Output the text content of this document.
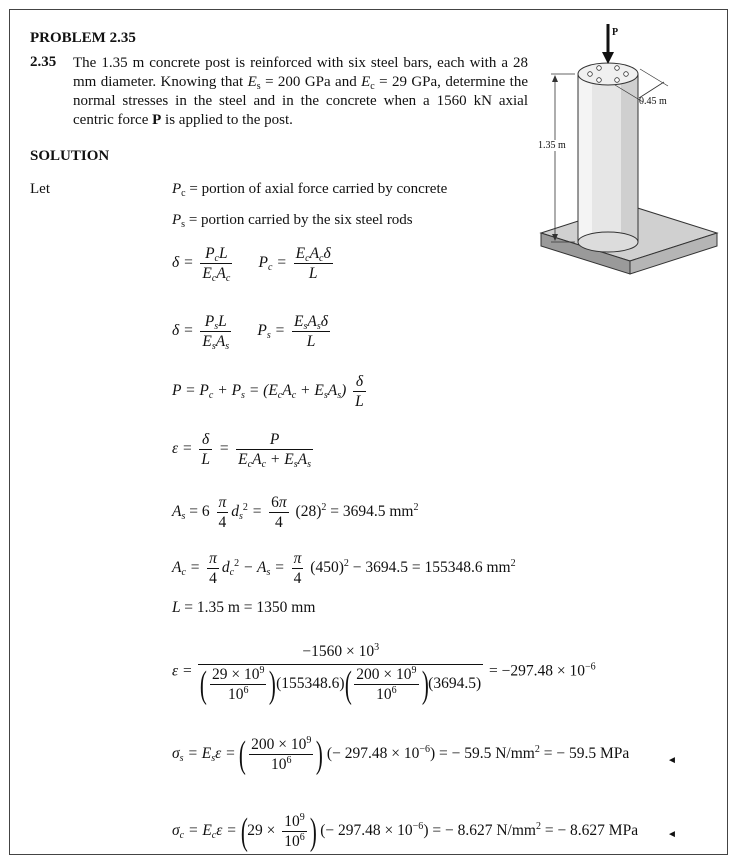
PROBLEM 2.35
2.35 The 1.35 m concrete post is reinforced with six steel bars, each with a 28 mm diameter. Knowing that $E_s = 200$ GPa and $E_c = 29$ GPa, determine the normal stresses in the steel and in the concrete when a 1560 kN axial centric force P is applied to the post.
P
1.35 m
0.45 m
SOLUTION
Let	$P_c$ = portion of axial force carried by concrete
$P_s$ = portion carried by the six steel rods
$\delta = \frac{P_cL}{E_cA_c} P_c = \frac{E_cA_c\delta}{L}$
$\delta = \frac{P_sL}{E_sA_s} P_s = \frac{E_sA_s\delta}{L}$
$P = P_c + P_s = (E_cA_c + E_sA_s) \frac{\delta}{L}$
$\varepsilon = \frac{\delta}{L} = \frac{P}{E_cA_c + E_sA_s}$
$A_s = 6 \frac{\pi}{4} d_s^2 = \frac{6\pi}{4} (28)^2 = 3694.5$ $mm^2$
$A_c = \frac{\pi}{4} d_c^2 - A_s = \frac{\pi}{4} (450)^2 - 3694.5 = 155348.6$ $mm^2$
L = 1.35 m = 1350 mm
$\varepsilon = \frac{-1560 \times 10^3}{( \frac{29 \times 10^9}{10^6} )(155348.6)( \frac{200 \times 10^9}{10^6} )(3694.5)} = -297.48 \times 10^{-6}$
$\sigma_s = E_s\varepsilon$ = ( $\frac{200 \times 10^9}{10^6}$ ) (− $297.48 \times 10^{-6}$) = − 59.5 $N/mm^2$ = − 59.5 MPa	◄
$\sigma_c = E_c\varepsilon = (29 \times \frac{10^9}{10^6}$ ) (− $297.48 \times 10^{-6}$) = − 8.627 $N/mm^2$ = − 8.627 MPa	◄
